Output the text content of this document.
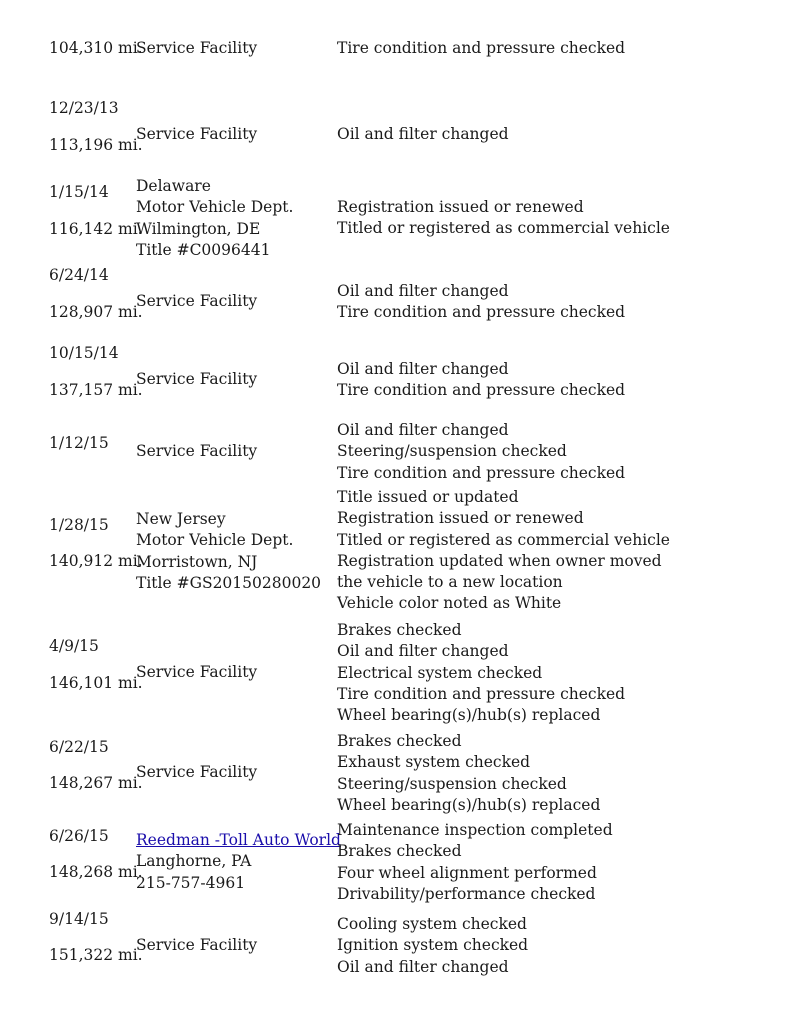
104,310 mi.
Service Facility	Tire condition and pressure checked
12/23/13
113,196 mi.
Service Facility	Oil and filter changed
1/15/14
116,142 mi.
Delaware
Motor Vehicle Dept.
Wilmington, DE
Title #C0096441
Registration issued or renewed
Titled or registered as commercial vehicle
6/24/14
128,907 mi.
Service Facility
Oil and filter changed
Tire condition and pressure checked
10/15/14
137,157 mi.
Service Facility
Oil and filter changed
Tire condition and pressure checked
1/12/15 Service Facility
Oil and filter changed
Steering/suspension checked
Tire condition and pressure checked
1/28/15
140,912 mi.
New Jersey
Motor Vehicle Dept.
Morristown, NJ
Title #GS20150280020
Title issued or updated
Registration issued or renewed
Titled or registered as commercial vehicle
Registration updated when owner moved
the vehicle to a new location
Vehicle color noted as White
4/9/15
146,101 mi.
Service Facility
Brakes checked
Oil and filter changed
Electrical system checked
Tire condition and pressure checked
Wheel bearing(s)/hub(s) replaced
6/22/15
148,267 mi.
Service Facility
Brakes checked
Exhaust system checked
Steering/suspension checked
Wheel bearing(s)/hub(s) replaced
6/26/15
148,268 mi.
Reedman -Toll Auto World
Langhorne, PA
215-757-4961
Maintenance inspection completed
Brakes checked
Four wheel alignment performed
Drivability/performance checked
9/14/15
151,322 mi.
Service Facility
Cooling system checked
Ignition system checked
Oil and filter changed
